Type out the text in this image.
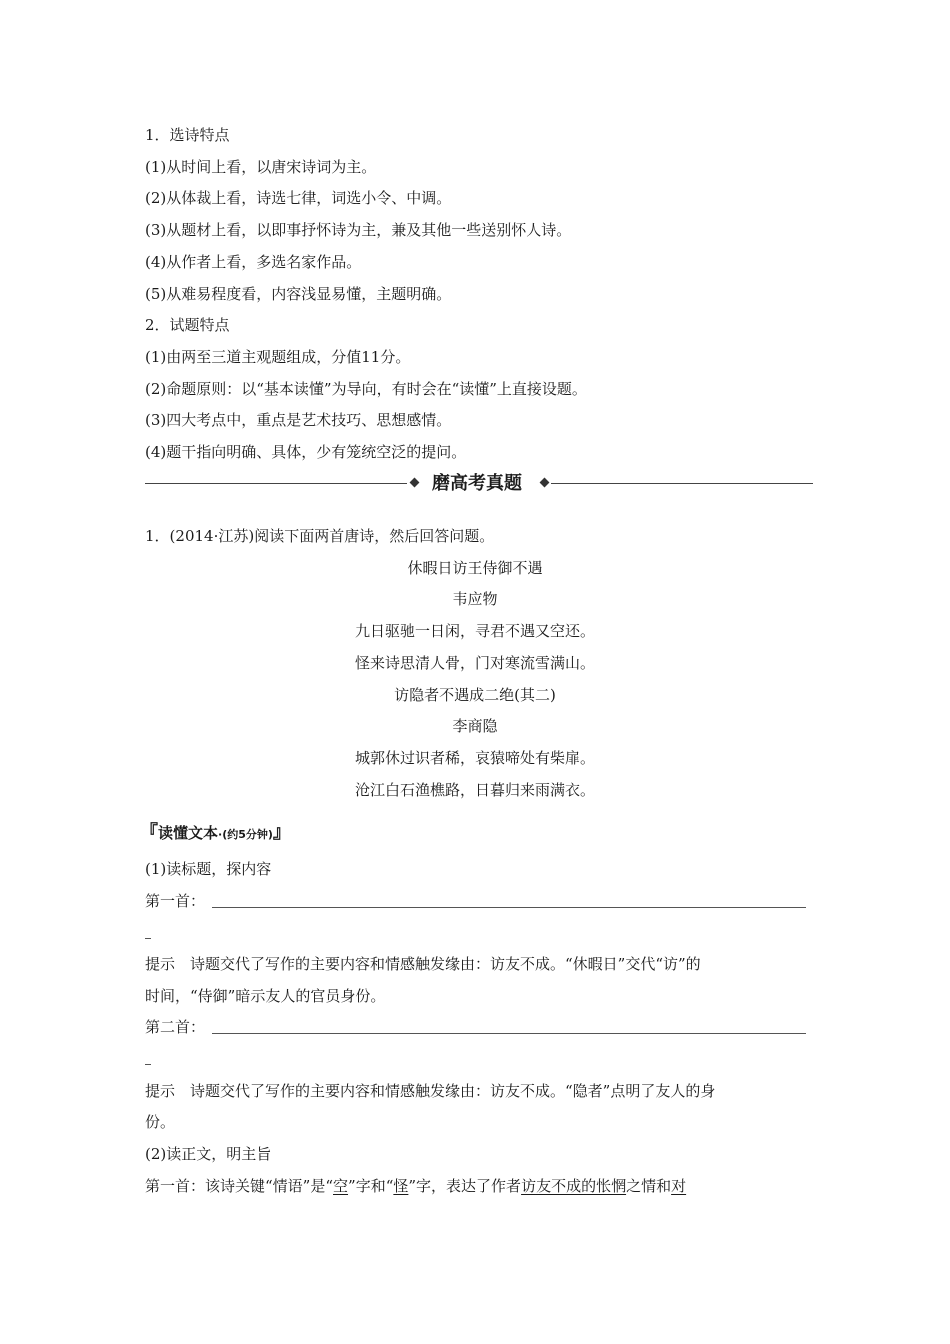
1．选诗特点
(1)从时间上看，以唐宋诗词为主。
(2)从体裁上看，诗选七律，词选小令、中调。
(3)从题材上看，以即事抒怀诗为主，兼及其他一些送别怀人诗。
(4)从作者上看，多选名家作品。
(5)从难易程度看，内容浅显易懂，主题明确。
2．试题特点
(1)由两至三道主观题组成，分值11分。
(2)命题原则：以“基本读懂”为导向，有时会在“读懂”上直接设题。
(3)四大考点中，重点是艺术技巧、思想感情。
(4)题干指向明确、具体，少有笼统空泛的提问。
磨高考真题
1．(2014·江苏)阅读下面两首唐诗，然后回答问题。
休暇日访王侍御不遇
韦应物
九日驱驰一日闲，寻君不遇又空还。
怪来诗思清人骨，门对寒流雪满山。
访隐者不遇成二绝(其二)
李商隐
城郭休过识者稀，哀猿啼处有柴扉。
沧江白石渔樵路，日暮归来雨满衣。
『读懂文本·(约5分钟)』
(1)读标题，探内容
第一首：
提示　诗题交代了写作的主要内容和情感触发缘由：访友不成。“休暇日”交代“访”的
时间，“侍御”暗示友人的官员身份。
第二首：
提示　诗题交代了写作的主要内容和情感触发缘由：访友不成。“隐者”点明了友人的身
份。
(2)读正文，明主旨
第一首：该诗关键“情语”是“空”字和“怪”字，表达了作者访友不成的怅惘之情和对
